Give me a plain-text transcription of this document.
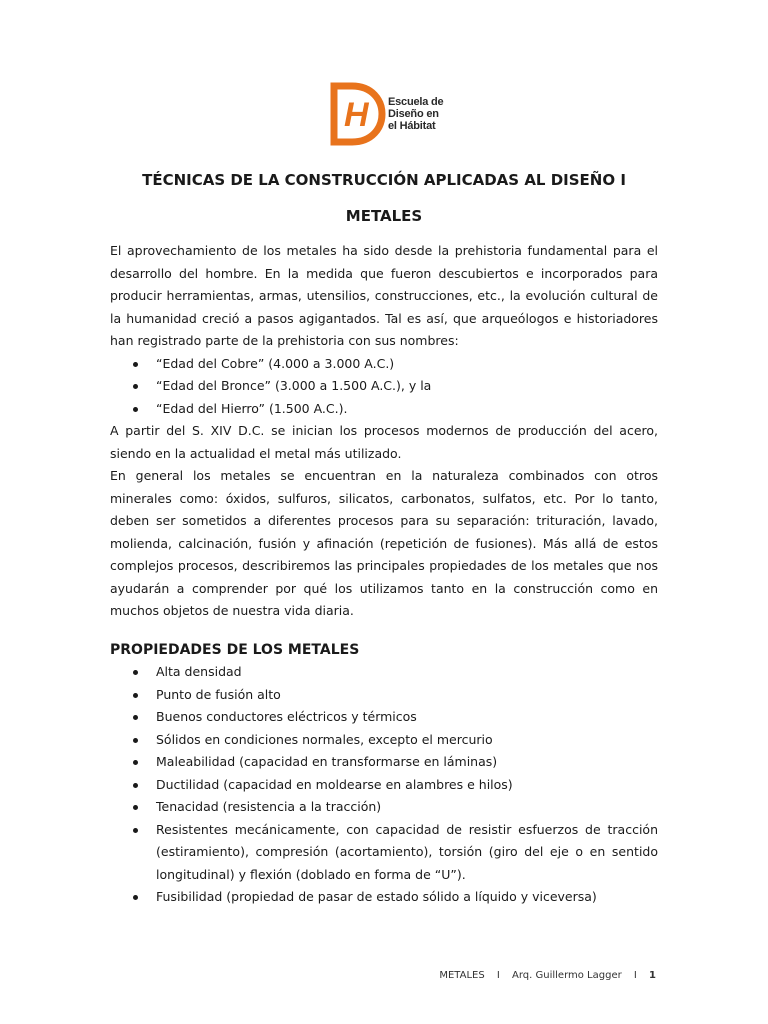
H Escuela de
Diseño en
el Hábitat
TÉCNICAS DE LA CONSTRUCCIÓN APLICADAS AL DISEÑO I
METALES

El aprovechamiento de los metales ha sido desde la prehistoria fundamental para el desarrollo del hombre. En la medida que fueron descubiertos e incorporados para producir herramientas, armas, utensilios, construcciones, etc., la evolución cultural de la humanidad creció a pasos agigantados. Tal es así, que arqueólogos e historiadores han registrado parte de la prehistoria con sus nombres:

“Edad del Cobre” (4.000 a 3.000 A.C.)
“Edad del Bronce” (3.000 a 1.500 A.C.), y la
“Edad del Hierro” (1.500 A.C.).

A partir del S. XIV D.C. se inician los procesos modernos de producción del acero, siendo en la actualidad el metal más utilizado.

En general los metales se encuentran en la naturaleza combinados con otros minerales como: óxidos, sulfuros, silicatos, carbonatos, sulfatos, etc. Por lo tanto, deben ser sometidos a diferentes procesos para su separación: trituración, lavado, molienda, calcinación, fusión y afinación (repetición de fusiones). Más allá de estos complejos procesos, describiremos las principales propiedades de los metales que nos ayudarán a comprender por qué los utilizamos tanto en la construcción como en muchos objetos de nuestra vida diaria.

PROPIEDADES DE LOS METALES
Alta densidad
Punto de fusión alto
Buenos conductores eléctricos y térmicos
Sólidos en condiciones normales, excepto el mercurio
Maleabilidad (capacidad en transformarse en láminas)
Ductilidad (capacidad en moldearse en alambres e hilos)
Tenacidad (resistencia a la tracción)
Resistentes mecánicamente, con capacidad de resistir esfuerzos de tracción (estiramiento), compresión (acortamiento), torsión (giro del eje o en sentido longitudinal) y flexión (doblado en forma de “U”).
Fusibilidad (propiedad de pasar de estado sólido a líquido y viceversa)
METALES I Arq. Guillermo Lagger I 1
